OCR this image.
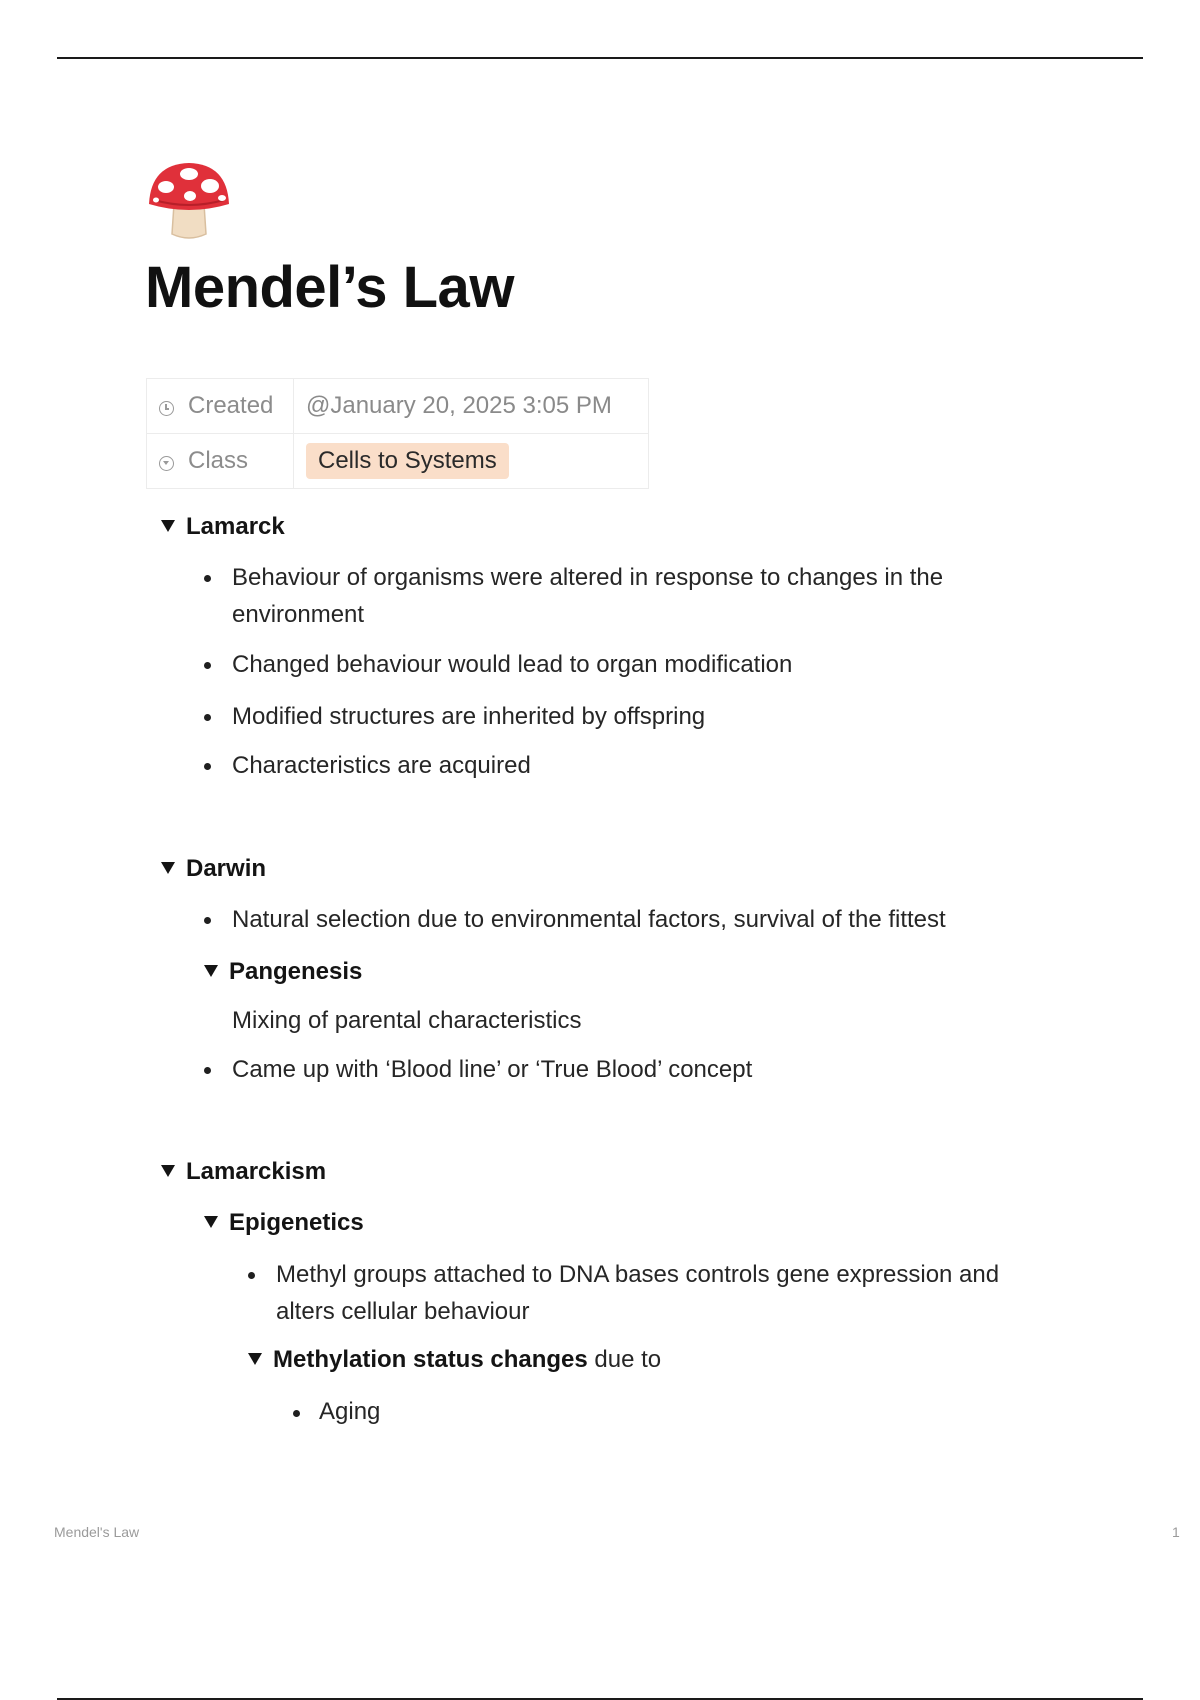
Mendel’s Law
Created	@January 20, 2025 3:05 PM
Class	Cells to Systems
Lamarck
Behaviour of organisms were altered in response to changes in the
environment
Changed behaviour would lead to organ modification
Modified structures are inherited by offspring
Characteristics are acquired
Darwin
Natural selection due to environmental factors, survival of the fittest
Pangenesis
Mixing of parental characteristics
Came up with ‘Blood line’ or ‘True Blood’ concept
Lamarckism
Epigenetics
Methyl groups attached to DNA bases controls gene expression and
alters cellular behaviour
Methylation status changes due to
Aging
Mendel's Law	1
